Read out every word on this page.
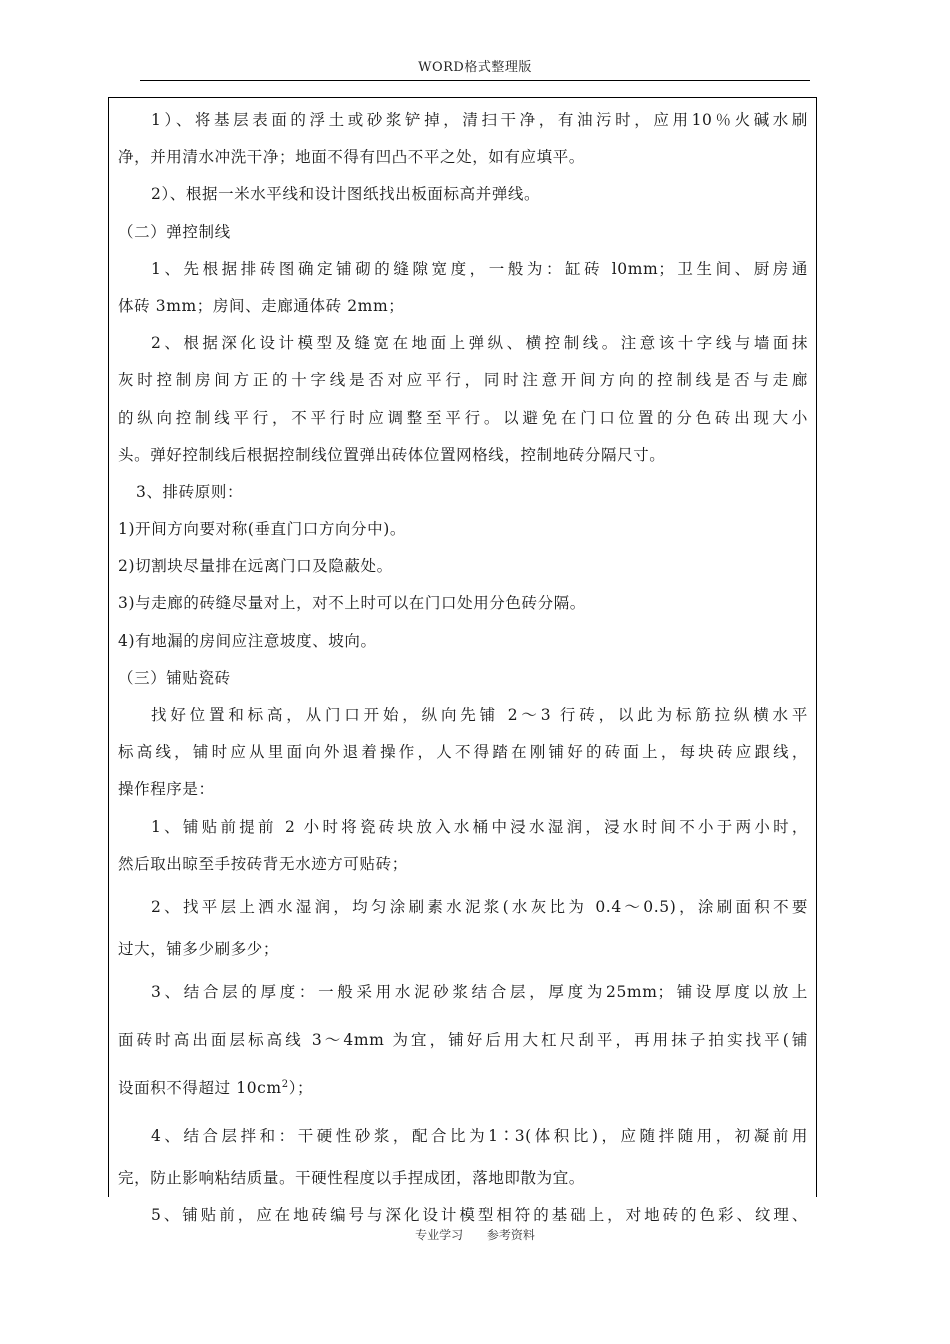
WORD格式整理版
1）、将基层表面的浮土或砂浆铲掉，清扫干净，有油污时，应用10％火碱水刷
净，并用清水冲洗干净；地面不得有凹凸不平之处，如有应填平。
2）、根据一米水平线和设计图纸找出板面标高并弹线。
（二）弹控制线
1、先根据排砖图确定铺砌的缝隙宽度，一般为：缸砖 l0mm；卫生间、厨房通
体砖 3mm；房间、走廊通体砖 2mm；
2、根据深化设计模型及缝宽在地面上弹纵、横控制线。注意该十字线与墙面抹
灰时控制房间方正的十字线是否对应平行，同时注意开间方向的控制线是否与走廊
的纵向控制线平行，不平行时应调整至平行。以避免在门口位置的分色砖出现大小
头。弹好控制线后根据控制线位置弹出砖体位置网格线，控制地砖分隔尺寸。
3、排砖原则：
1)开间方向要对称(垂直门口方向分中)。
2)切割块尽量排在远离门口及隐蔽处。
3)与走廊的砖缝尽量对上，对不上时可以在门口处用分色砖分隔。
4)有地漏的房间应注意坡度、坡向。
（三）铺贴瓷砖
找好位置和标高，从门口开始，纵向先铺 2～3 行砖，以此为标筋拉纵横水平
标高线，铺时应从里面向外退着操作，人不得踏在刚铺好的砖面上，每块砖应跟线，
操作程序是：
1、铺贴前提前 2 小时将瓷砖块放入水桶中浸水湿润，浸水时间不小于两小时，
然后取出晾至手按砖背无水迹方可贴砖；
2、找平层上洒水湿润，均匀涂刷素水泥浆(水灰比为 0.4～0.5)，涂刷面积不要
过大，铺多少刷多少；
3、结合层的厚度：一般采用水泥砂浆结合层，厚度为25mm；铺设厚度以放上
面砖时高出面层标高线 3～4mm 为宜，铺好后用大杠尺刮平，再用抹子拍实找平(铺
设面积不得超过 $10cm^2$）；
4、结合层拌和：干硬性砂浆，配合比为1∶3(体积比)，应随拌随用，初凝前用
完，防止影响粘结质量。干硬性程度以手捏成团，落地即散为宜。
5、铺贴前，应在地砖编号与深化设计模型相符的基础上，对地砖的色彩、纹理、
专业学习 参考资料
